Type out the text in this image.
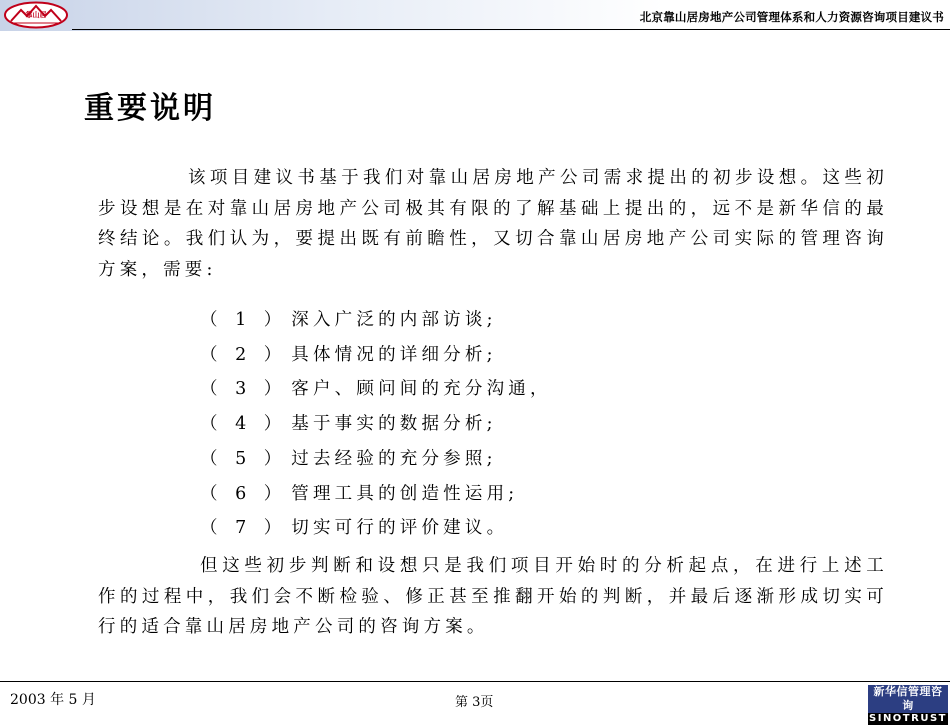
靠山居	北京靠山居房地产公司管理体系和人力资源咨询项目建议书
重要说明

该项目建议书基于我们对靠山居房地产公司需求提出的初步设想。这些初步设想是在对靠山居房地产公司极其有限的了解基础上提出的，远不是新华信的最终结论。我们认为，要提出既有前瞻性，又切合靠山居房地产公司实际的管理咨询方案，需要:

（ 1 ） 深入广泛的内部访谈;
（ 2 ） 具体情况的详细分析;
（ 3 ） 客户、顾问间的充分沟通，
（ 4 ） 基于事实的数据分析;
（ 5 ） 过去经验的充分参照;
（ 6 ） 管理工具的创造性运用;
（ 7 ） 切实可行的评价建议。

但这些初步判断和设想只是我们项目开始时的分析起点，在进行上述工作的过程中，我们会不断检验、修正甚至推翻开始的判断，并最后逐渐形成切实可行的适合靠山居房地产公司的咨询方案。

2003 年 5 月	第 3页
新华信管理咨询
SINOTRUST
